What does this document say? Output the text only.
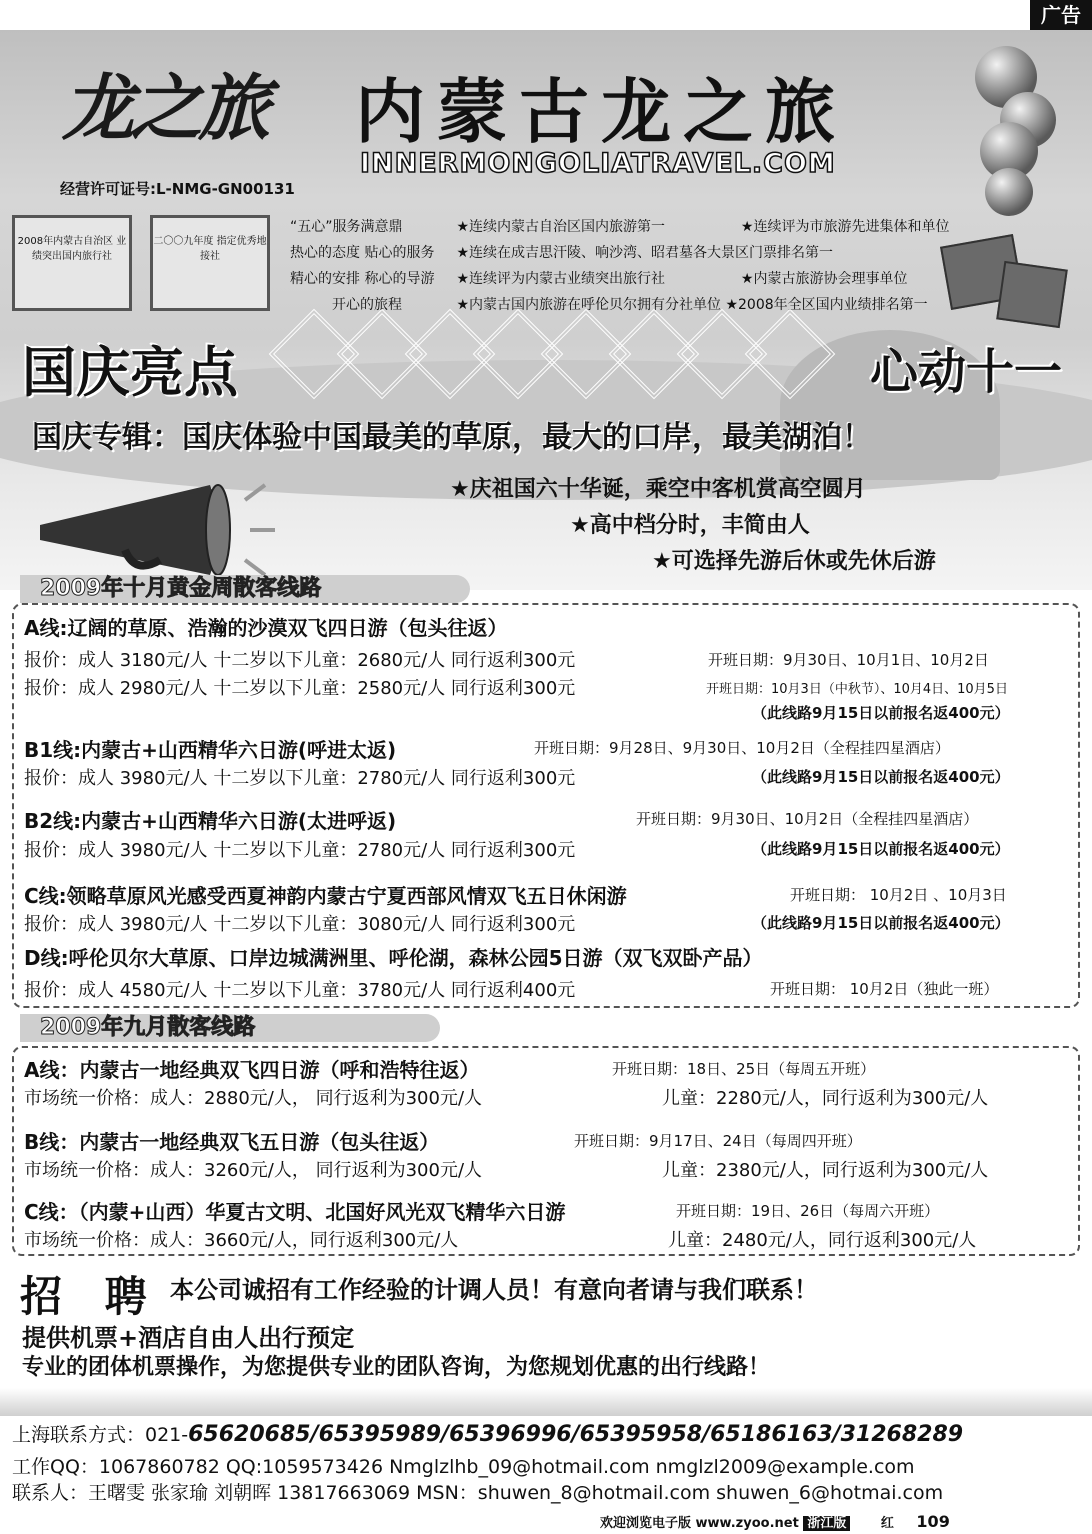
广告
龙之旅 内蒙古龙之旅
INNERMONGOLIATRAVEL.COM
经营许可证号:L-NMG-GN00131
2008年内蒙古自治区 业绩突出国内旅行社
二〇〇九年度 指定优秀地接社
“五心”服务满意鼎	★连续内蒙古自治区国内旅游第一	★连续评为市旅游先进集体和单位
热心的态度 贴心的服务 ★连续在成吉思汗陵、响沙湾、昭君墓各大景区门票排名第一
精心的安排 称心的导游 ★连续评为内蒙古业绩突出旅行社	★内蒙古旅游协会理事单位
开心的旅程	★内蒙古国内旅游在呼伦贝尔拥有分社单位 ★2008年全区国内业绩排名第一
国庆亮点	心动十一
国庆专辑：国庆体验中国最美的草原，最大的口岸，最美湖泊！
★庆祖国六十华诞，乘空中客机赏高空圆月
★高中档分时，丰简由人
★可选择先游后休或先休后游
2009年十月黄金周散客线路
A线:辽阔的草原、浩瀚的沙漠双飞四日游（包头往返）
报价：成人 3180元/人 十二岁以下儿童：2680元/人 同行返利300元	开班日期：9月30日、10月1日、10月2日
报价：成人 2980元/人 十二岁以下儿童：2580元/人 同行返利300元	开班日期：10月3日（中秋节）、10月4日、10月5日
（此线路9月15日以前报名返400元）
B1线:内蒙古+山西精华六日游(呼进太返)	开班日期：9月28日、9月30日、10月2日（全程挂四星酒店）
报价：成人 3980元/人 十二岁以下儿童：2780元/人 同行返利300元	（此线路9月15日以前报名返400元）
B2线:内蒙古+山西精华六日游(太进呼返)	开班日期：9月30日、10月2日（全程挂四星酒店）
报价：成人 3980元/人 十二岁以下儿童：2780元/人 同行返利300元	（此线路9月15日以前报名返400元）
C线:领略草原风光感受西夏神韵内蒙古宁夏西部风情双飞五日休闲游	开班日期： 10月2日 、10月3日
报价：成人 3980元/人 十二岁以下儿童：3080元/人 同行返利300元	（此线路9月15日以前报名返400元）
D线:呼伦贝尔大草原、口岸边城满洲里、呼伦湖，森林公园5日游（双飞双卧产品）
报价：成人 4580元/人 十二岁以下儿童：3780元/人 同行返利400元	开班日期： 10月2日（独此一班）
2009年九月散客线路
A线：内蒙古一地经典双飞四日游（呼和浩特往返）	开班日期：18日、25日（每周五开班）
市场统一价格：成人：2880元/人， 同行返利为300元/人	儿童：2280元/人，同行返利为300元/人
B线：内蒙古一地经典双飞五日游（包头往返）	开班日期：9月17日、24日（每周四开班）
市场统一价格：成人：3260元/人， 同行返利为300元/人	儿童：2380元/人，同行返利为300元/人
C线：（内蒙+山西）华夏古文明、北国好风光双飞精华六日游	开班日期：19日、26日（每周六开班）
市场统一价格：成人：3660元/人，同行返利300元/人	儿童：2480元/人，同行返利300元/人
招 聘 本公司诚招有工作经验的计调人员！有意向者请与我们联系！
提供机票+酒店自由人出行预定
专业的团体机票操作，为您提供专业的团队咨询，为您规划优惠的出行线路！
上海联系方式：021-65620685/65395989/65396996/65395958/65186163/31268289
工作QQ：1067860782 QQ:1059573426 Nmglzlhb_09@hotmail.com nmglzl2009@example.com
联系人：王曙雯 张家瑜 刘朝晖 13817663069 MSN：shuwen_8@hotmail.com shuwen_6@hotmai.com
欢迎浏览电子版 www.zyoo.net 浙江版	红 109
